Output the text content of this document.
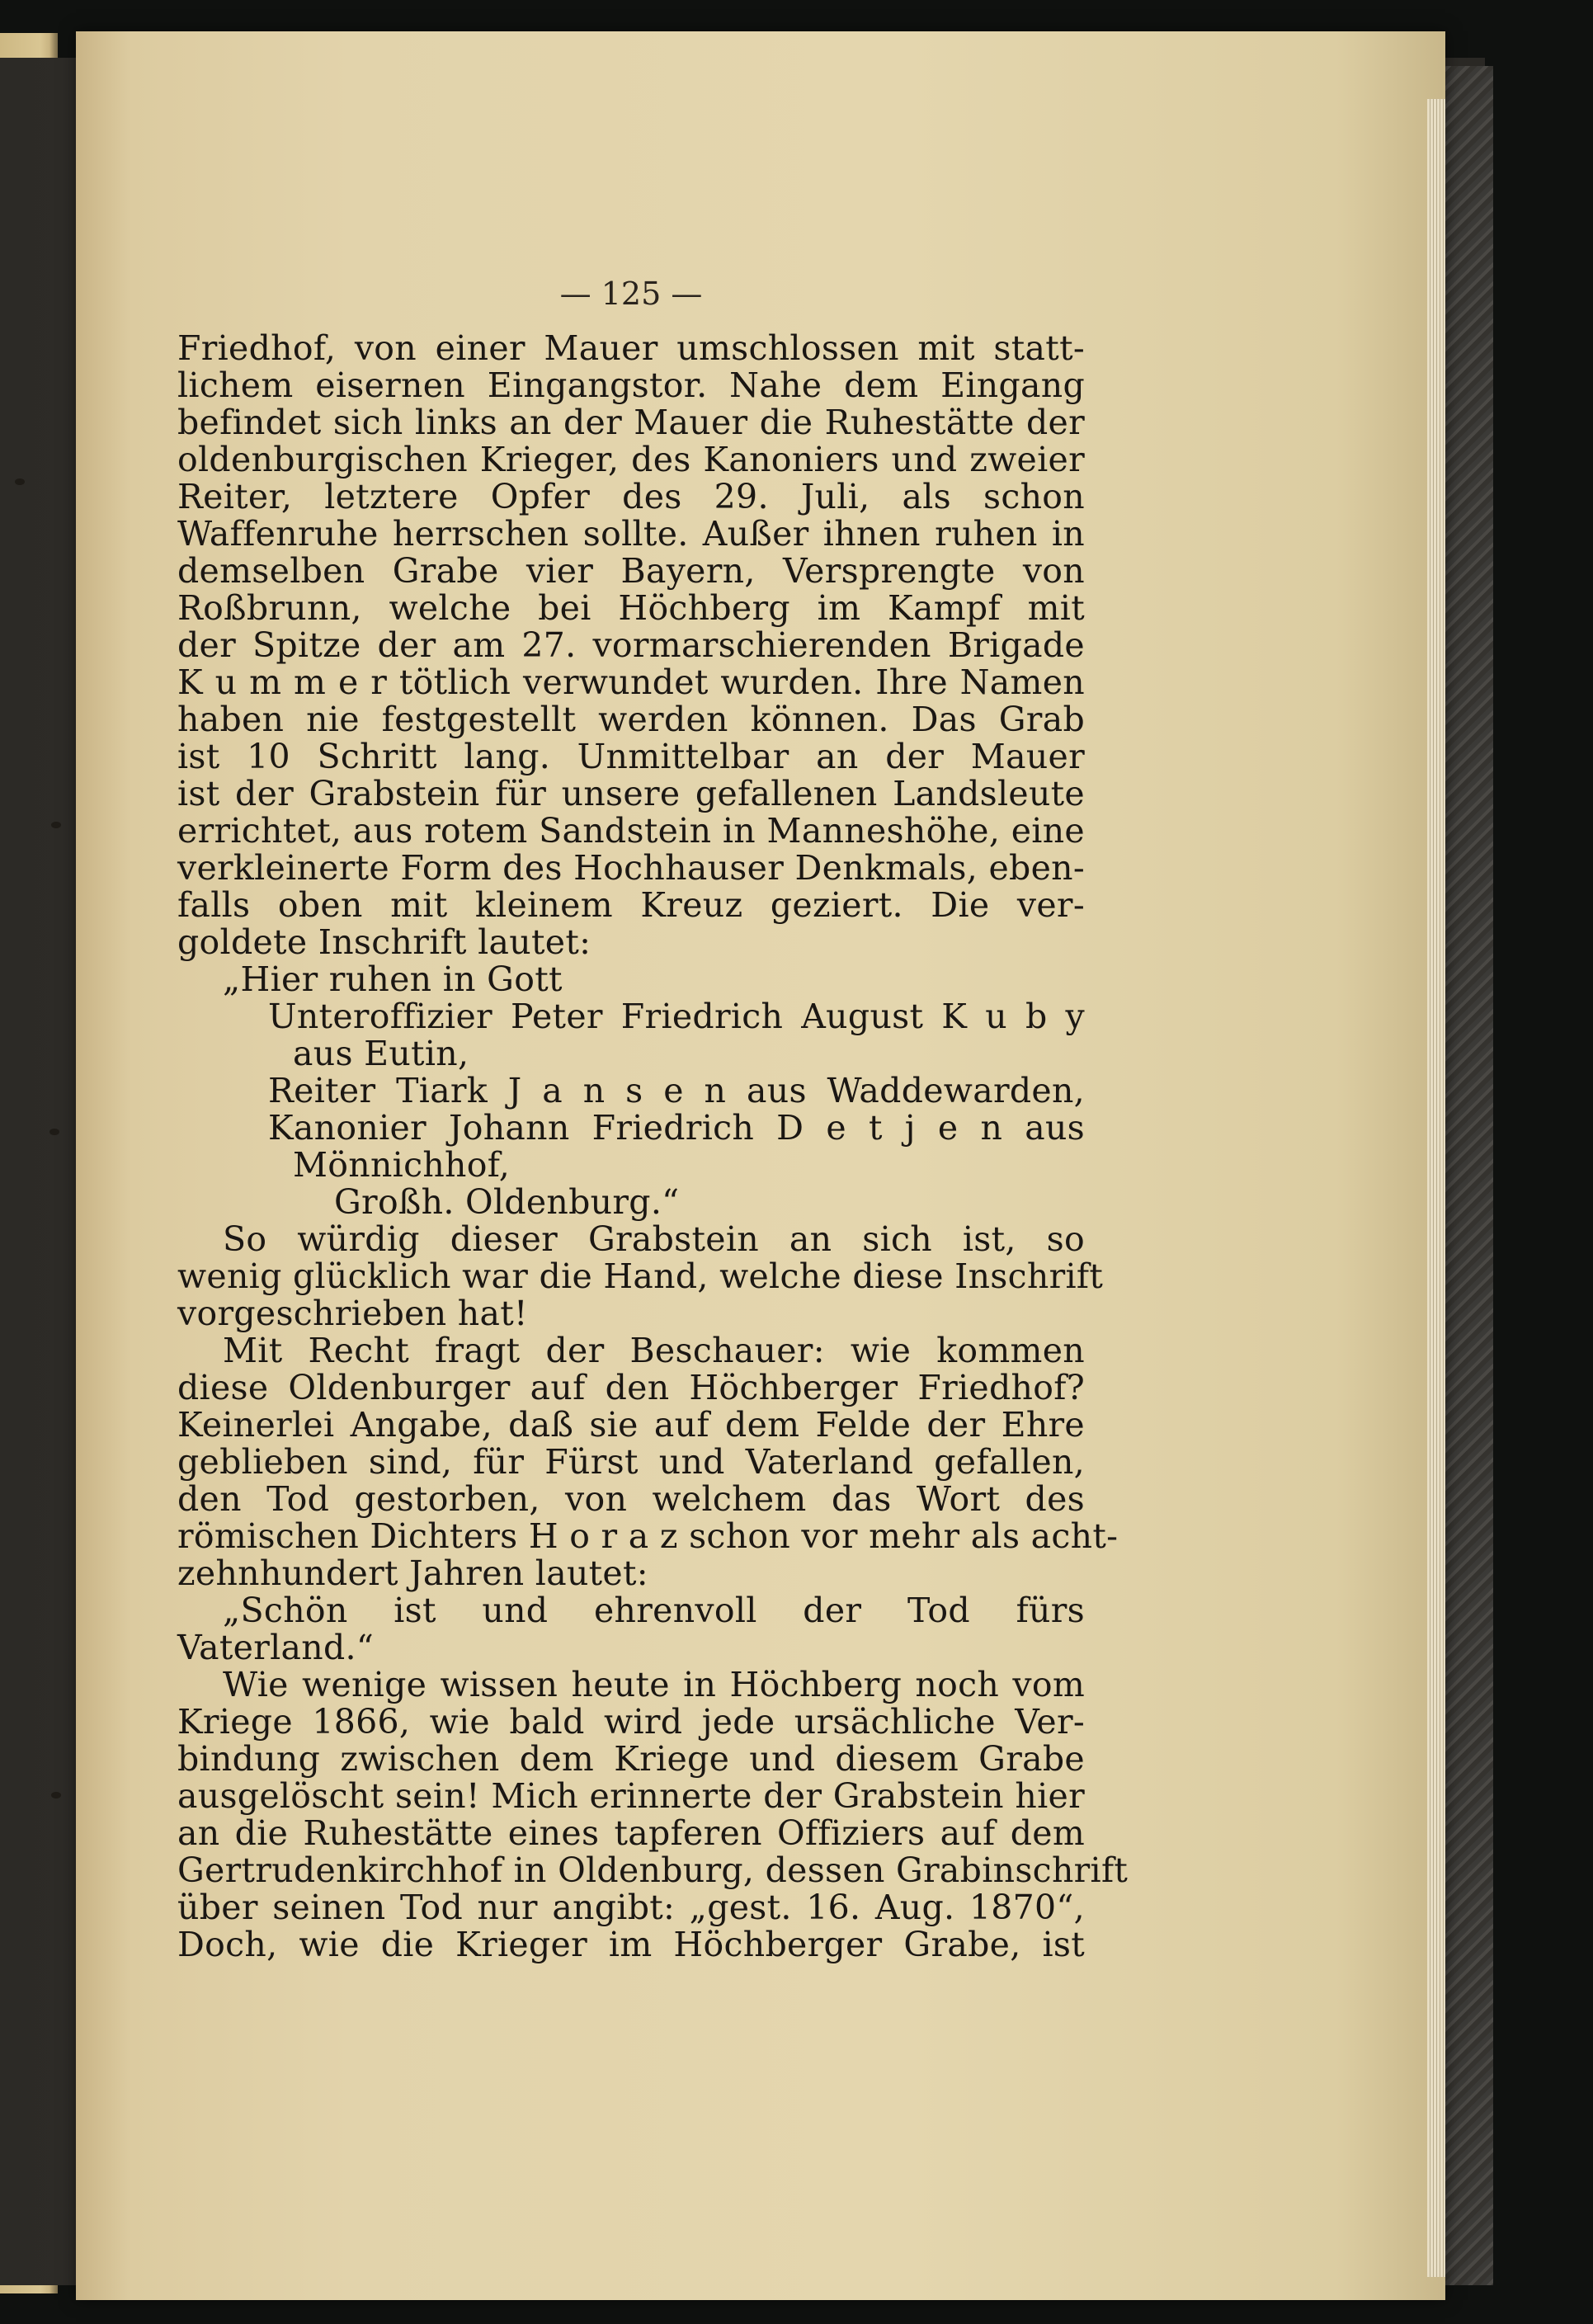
— 125 —
Friedhof, von einer Mauer umschlossen mit statt-
lichem eisernen Eingangstor. Nahe dem Eingang
befindet sich links an der Mauer die Ruhestätte der
oldenburgischen Krieger, des Kanoniers und zweier
Reiter, letztere Opfer des 29. Juli, als schon
Waffenruhe herrschen sollte. Außer ihnen ruhen in
demselben Grabe vier Bayern, Versprengte von
Roßbrunn, welche bei Höchberg im Kampf mit
der Spitze der am 27. vormarschierenden Brigade
K u m m e r tötlich verwundet wurden. Ihre Namen
haben nie festgestellt werden können. Das Grab
ist 10 Schritt lang. Unmittelbar an der Mauer
ist der Grabstein für unsere gefallenen Landsleute
errichtet, aus rotem Sandstein in Manneshöhe, eine
verkleinerte Form des Hochhauser Denkmals, eben-
falls oben mit kleinem Kreuz geziert. Die ver-
goldete Inschrift lautet:
„Hier ruhen in Gott
Unteroffizier Peter Friedrich August K u b y
aus Eutin,
Reiter Tiark J a n s e n aus Waddewarden,
Kanonier Johann Friedrich D e t j e n aus
Mönnichhof,
Großh. Oldenburg.“
So würdig dieser Grabstein an sich ist, so
wenig glücklich war die Hand, welche diese Inschrift
vorgeschrieben hat!
Mit Recht fragt der Beschauer: wie kommen
diese Oldenburger auf den Höchberger Friedhof?
Keinerlei Angabe, daß sie auf dem Felde der Ehre
geblieben sind, für Fürst und Vaterland gefallen,
den Tod gestorben, von welchem das Wort des
römischen Dichters H o r a z schon vor mehr als acht-
zehnhundert Jahren lautet:
„Schön ist und ehrenvoll der Tod fürs
Vaterland.“
Wie wenige wissen heute in Höchberg noch vom
Kriege 1866, wie bald wird jede ursächliche Ver-
bindung zwischen dem Kriege und diesem Grabe
ausgelöscht sein! Mich erinnerte der Grabstein hier
an die Ruhestätte eines tapferen Offiziers auf dem
Gertrudenkirchhof in Oldenburg, dessen Grabinschrift
über seinen Tod nur angibt: „gest. 16. Aug. 1870“,
Doch, wie die Krieger im Höchberger Grabe, ist
